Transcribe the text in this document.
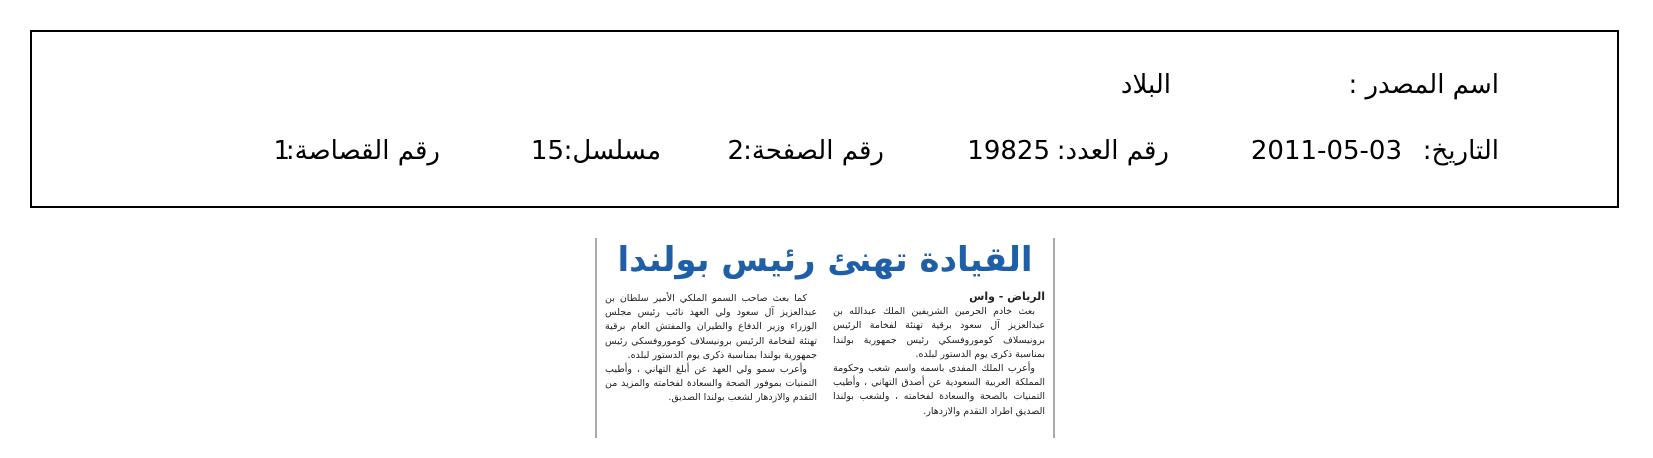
اسم المصدر :
البلاد
التاريخ:
2011-05-03
رقم العدد:
19825
رقم الصفحة:
2
مسلسل:
15
رقم القصاصة:
1
القيادة تهنئ رئيس بولندا
الرياض - واس

بعث خادم الحرمين الشريفين الملك عبدالله بن عبدالعزيز آل سعود برقية تهنئة لفخامة الرئيس برونيسلاف كوموروفسكي رئيس جمهورية بولندا بمناسبة ذكرى يوم الدستور لبلده.

وأعرب الملك المفدى باسمه واسم شعب وحكومة المملكة العربية السعودية عن أصدق التهاني ، وأطيب التمنيات بالصحة والسعادة لفخامته ، ولشعب بولندا الصديق اطراد التقدم والازدهار.

كما بعث صاحب السمو الملكي الأمير سلطان بن عبدالعزيز آل سعود ولي العهد نائب رئيس مجلس الوزراء وزير الدفاع والطيران والمفتش العام برقية تهنئة لفخامة الرئيس برونيسلاف كوموروفسكي رئيس جمهورية بولندا بمناسبة ذكرى يوم الدستور لبلده.

وأعرب سمو ولي العهد عن أبلغ التهاني ، وأطيب التمنيات بموفور الصحة والسعادة لفخامته والمزيد من التقدم والازدهار لشعب بولندا الصديق.
